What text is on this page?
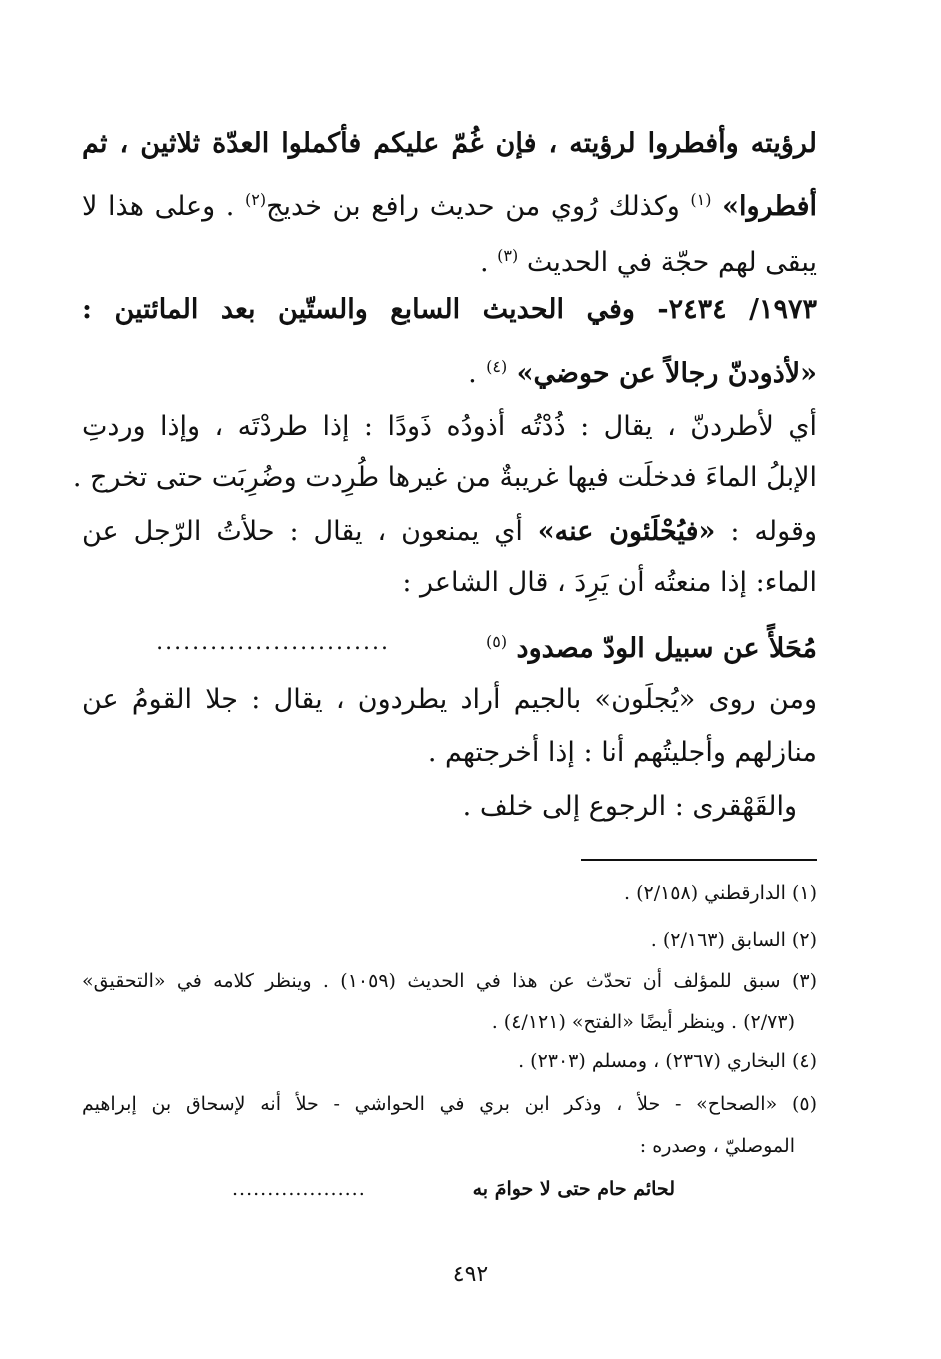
لرؤيته وأفطروا لرؤيته ، فإن غُمّ عليكم فأكملوا العدّة ثلاثين ، ثم
أفطروا» $^{(١)}$ وكذلك رُوي من حديث رافع بن خديج$^{(٢)}$ . وعلى هذا لا
يبقى لهم حجّة في الحديث $^{(٣)}$ .
١٩٧٣/ ٢٤٣٤- وفي الحديث السابع والستّين بعد المائتين :
«لأذودنّ رجالاً عن حوضي» $^{(٤)}$ .
أي لأطردنّ ، يقال : ذُدْتُه أذودُه ذَودًا : إذا طردْتَه ، وإذا وردتِ
الإبلُ الماءَ فدخلَت فيها غريبةٌ من غيرها طُرِدت وضُرِبَت حتى تخرج .
وقوله : «فيُحْلَئون عنه» أي يمنعون ، يقال : حلأتُ الرّجل عن
الماء: إذا منعتُه أن يَرِدَ ، قال الشاعر :
مُحَلأً عن سبيل الودّ مصدود $^{(٥)}$
..........................
ومن روى «يُجلَون» بالجيم أراد يطردون ، يقال : جلا القومُ عن
منازلهم وأجليتُهم أنا : إذا أخرجتهم .
والقَهْقرى : الرجوع إلى خلف .
(١) الدارقطني (٢/١٥٨) .
(٢) السابق (٢/١٦٣) .
(٣) سبق للمؤلف أن تحدّث عن هذا في الحديث (١٠٥٩) . وينظر كلامه في «التحقيق»
(٢/٧٣) . وينظر أيضًا «الفتح» (٤/١٢١) .
(٤) البخاري (٢٣٦٧) ، ومسلم (٢٣٠٣) .
(٥) «الصحاح» - حلأ ، وذكر ابن بري في الحواشي - حلأ أنه لإسحاق بن إبراهيم
الموصليّ ، وصدره :
لحائم حام حتى لا حوامَ به
...................
٤٩٢
